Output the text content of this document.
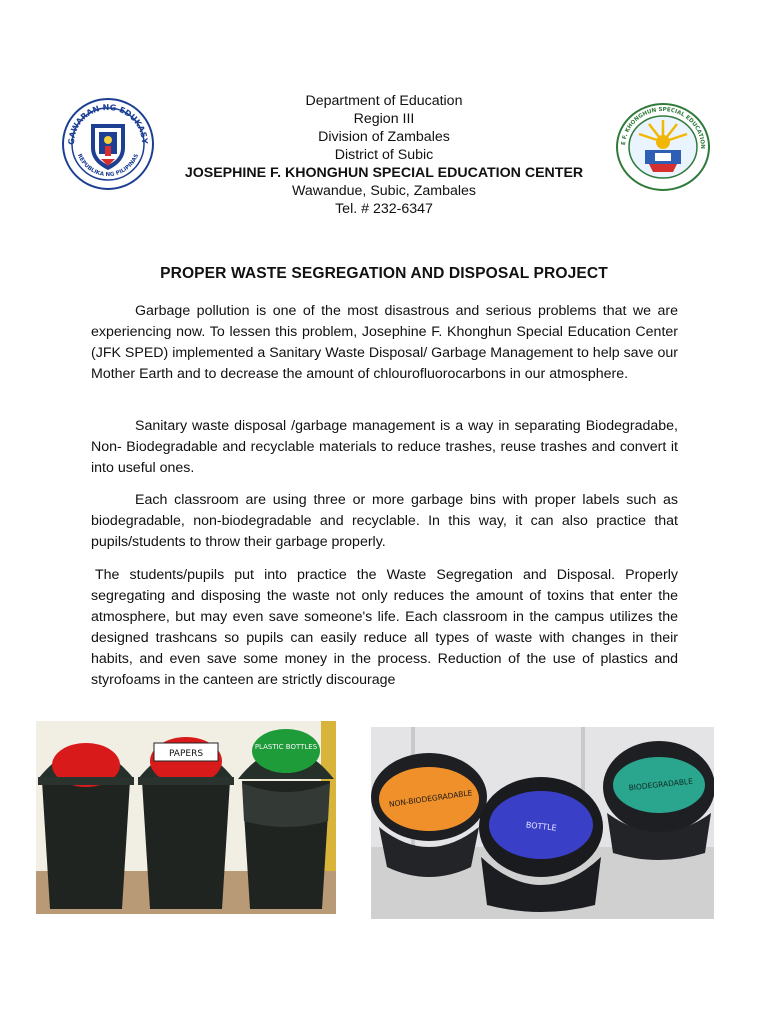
GAWARAN NG EDUKASY
REPUBLIKA NG PILIPINAS
Department of Education
Region III
Division of Zambales
District of Subic
JOSEPHINE F. KHONGHUN SPECIAL EDUCATION CENTER
Wawandue, Subic, Zambales
Tel. # 232-6347
E F. KHONGHUN SPECIAL EDUCATION
PROPER WASTE SEGREGATION AND DISPOSAL PROJECT

Garbage pollution is one of the most disastrous and serious problems that we are experiencing now. To lessen this problem, Josephine F. Khonghun Special Education Center (JFK SPED) implemented a Sanitary Waste Disposal/ Garbage Management to help save our Mother Earth and to decrease the amount of chlourofluorocarbons in our atmosphere.

Sanitary waste disposal /garbage management is a way in separating Biodegradabe, Non- Biodegradable and recyclable materials to reduce trashes, reuse trashes and convert it into useful ones.

Each classroom are using three or more garbage bins with proper labels such as biodegradable, non-biodegradable and recyclable. In this way, it can also practice that pupils/students to throw their garbage properly.

The students/pupils put into practice the Waste Segregation and Disposal. Properly segregating and disposing the waste not only reduces the amount of toxins that enter the atmosphere, but may even save someone's life. Each classroom in the campus utilizes the designed trashcans so pupils can easily reduce all types of waste with changes in their habits, and even save some money in the process. Reduction of the use of plastics and styrofoams in the canteen are strictly discourage

PAPERS
PLASTIC BOTTLES
NON-BIODEGRADABLE
BOTTLE
BIODEGRADABLE
